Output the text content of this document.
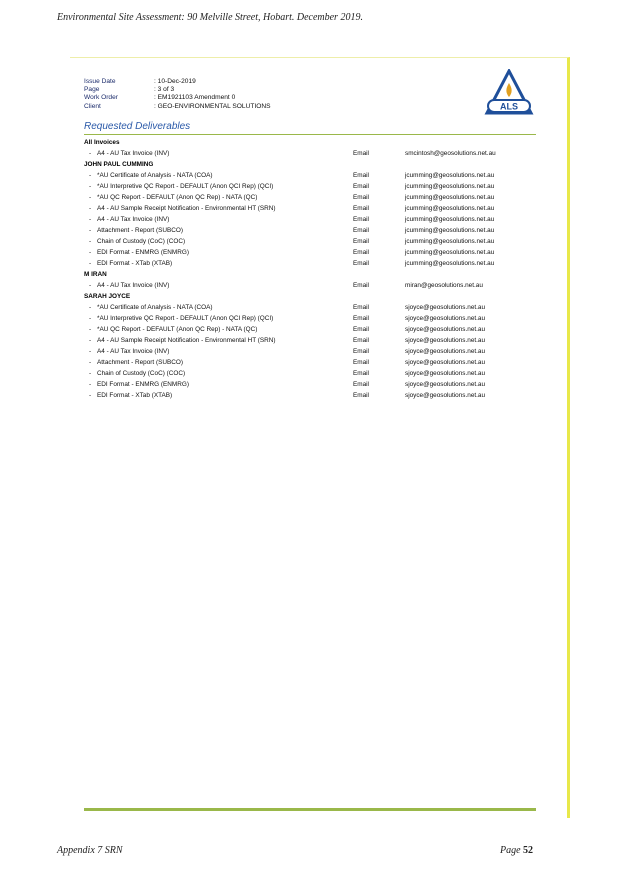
Environmental Site Assessment: 90 Melville Street, Hobart. December 2019.
Issue Date	: 10-Dec-2019
Page	: 3 of 3
Work Order	: EM1921103 Amendment 0
Client	: GEO-ENVIRONMENTAL SOLUTIONS	ALS
Requested Deliverables
All Invoices
- A4 - AU Tax Invoice (INV)	Email	smcintosh@geosolutions.net.au
JOHN PAUL CUMMING
- *AU Certificate of Analysis - NATA (COA)	Email	jcumming@geosolutions.net.au
- *AU Interpretive QC Report - DEFAULT (Anon QCI Rep) (QCI)	Email	jcumming@geosolutions.net.au
- *AU QC Report - DEFAULT (Anon QC Rep) - NATA (QC)	Email	jcumming@geosolutions.net.au
- A4 - AU Sample Receipt Notification - Environmental HT (SRN)	Email	jcumming@geosolutions.net.au
- A4 - AU Tax Invoice (INV)	Email	jcumming@geosolutions.net.au
- Attachment - Report (SUBCO)	Email	jcumming@geosolutions.net.au
- Chain of Custody (CoC) (COC)	Email	jcumming@geosolutions.net.au
- EDI Format - ENMRG (ENMRG)	Email	jcumming@geosolutions.net.au
- EDI Format - XTab (XTAB)	Email	jcumming@geosolutions.net.au
M IRAN
- A4 - AU Tax Invoice (INV)	Email	miran@geosolutions.net.au
SARAH JOYCE
- *AU Certificate of Analysis - NATA (COA)	Email	sjoyce@geosolutions.net.au
- *AU Interpretive QC Report - DEFAULT (Anon QCI Rep) (QCI)	Email	sjoyce@geosolutions.net.au
- *AU QC Report - DEFAULT (Anon QC Rep) - NATA (QC)	Email	sjoyce@geosolutions.net.au
- A4 - AU Sample Receipt Notification - Environmental HT (SRN)	Email	sjoyce@geosolutions.net.au
- A4 - AU Tax Invoice (INV)	Email	sjoyce@geosolutions.net.au
- Attachment - Report (SUBCO)	Email	sjoyce@geosolutions.net.au
- Chain of Custody (CoC) (COC)	Email	sjoyce@geosolutions.net.au
- EDI Format - ENMRG (ENMRG)	Email	sjoyce@geosolutions.net.au
- EDI Format - XTab (XTAB)	Email	sjoyce@geosolutions.net.au
Appendix 7 SRN	Page 52
